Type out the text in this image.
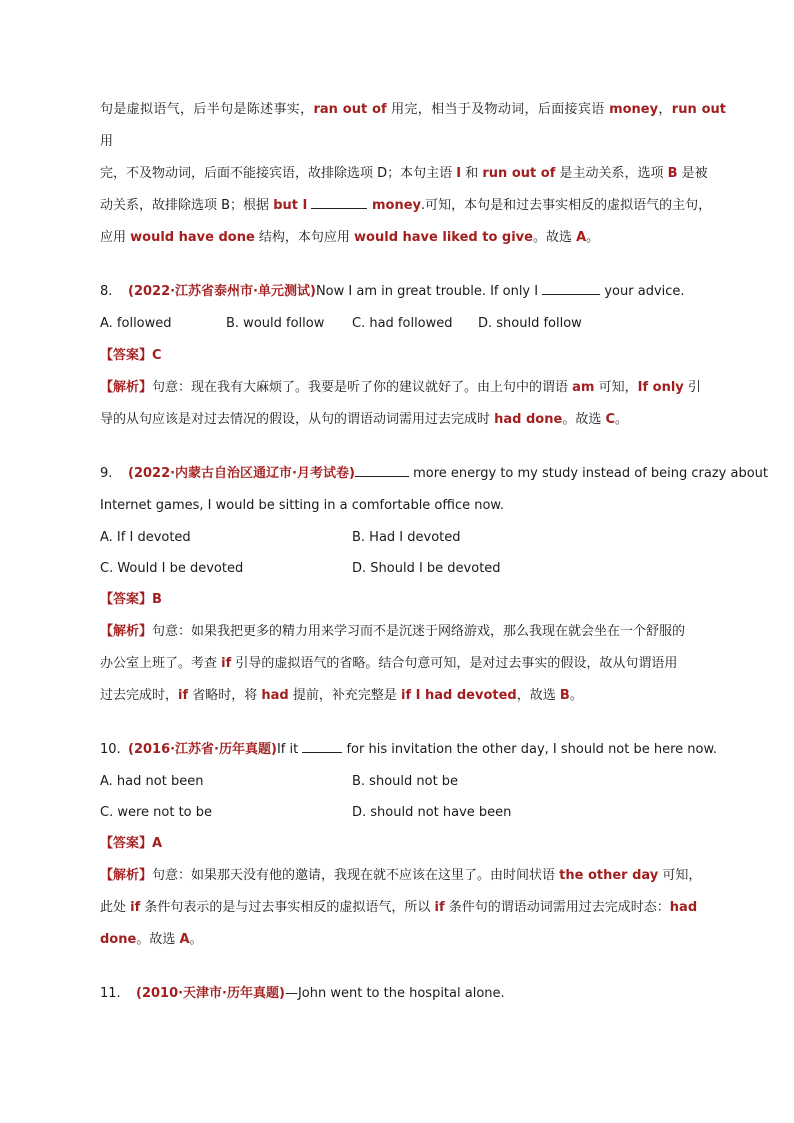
句是虚拟语气，后半句是陈述事实，ran out of 用完，相当于及物动词，后面接宾语 money，run out 用

完，不及物动词，后面不能接宾语，故排除选项 D；本句主语 I 和 run out of 是主动关系，选项 B 是被

动关系，故排除选项 B；根据 but I	money.可知，本句是和过去事实相反的虚拟语气的主句，

应用 would have done 结构，本句应用 would have liked to give。故选 A。

8. (2022·江苏省泰州市·单元测试)Now I am in great trouble. If only I	your advice.
A. followed	B. would follow	C. had followed	D. should follow
【答案】C

【解析】句意：现在我有大麻烦了。我要是听了你的建议就好了。由上句中的谓语 am 可知，If only 引

导的从句应该是对过去情况的假设，从句的谓语动词需用过去完成时 had done。故选 C。

9. (2022·内蒙古自治区通辽市·月考试卷)	more energy to my study instead of being crazy about
Internet games, I would be sitting in a comfortable office now.
A. If I devoted	B. Had I devoted
C. Would I be devoted	D. Should I be devoted
【答案】B

【解析】句意：如果我把更多的精力用来学习而不是沉迷于网络游戏，那么我现在就会坐在一个舒服的

办公室上班了。考查 if 引导的虚拟语气的省略。结合句意可知，是对过去事实的假设，故从句谓语用

过去完成时，if 省略时，将 had 提前，补充完整是 if I had devoted，故选 B。

10. (2016·江苏省·历年真题)If it	for his invitation the other day, I should not be here now.
A. had not been	B. should not be
C. were not to be	D. should not have been
【答案】A

【解析】句意：如果那天没有他的邀请，我现在就不应该在这里了。由时间状语 the other day 可知，

此处 if 条件句表示的是与过去事实相反的虚拟语气，所以 if 条件句的谓语动词需用过去完成时态：had

done。故选 A。

11. (2010·天津市·历年真题)—John went to the hospital alone.
